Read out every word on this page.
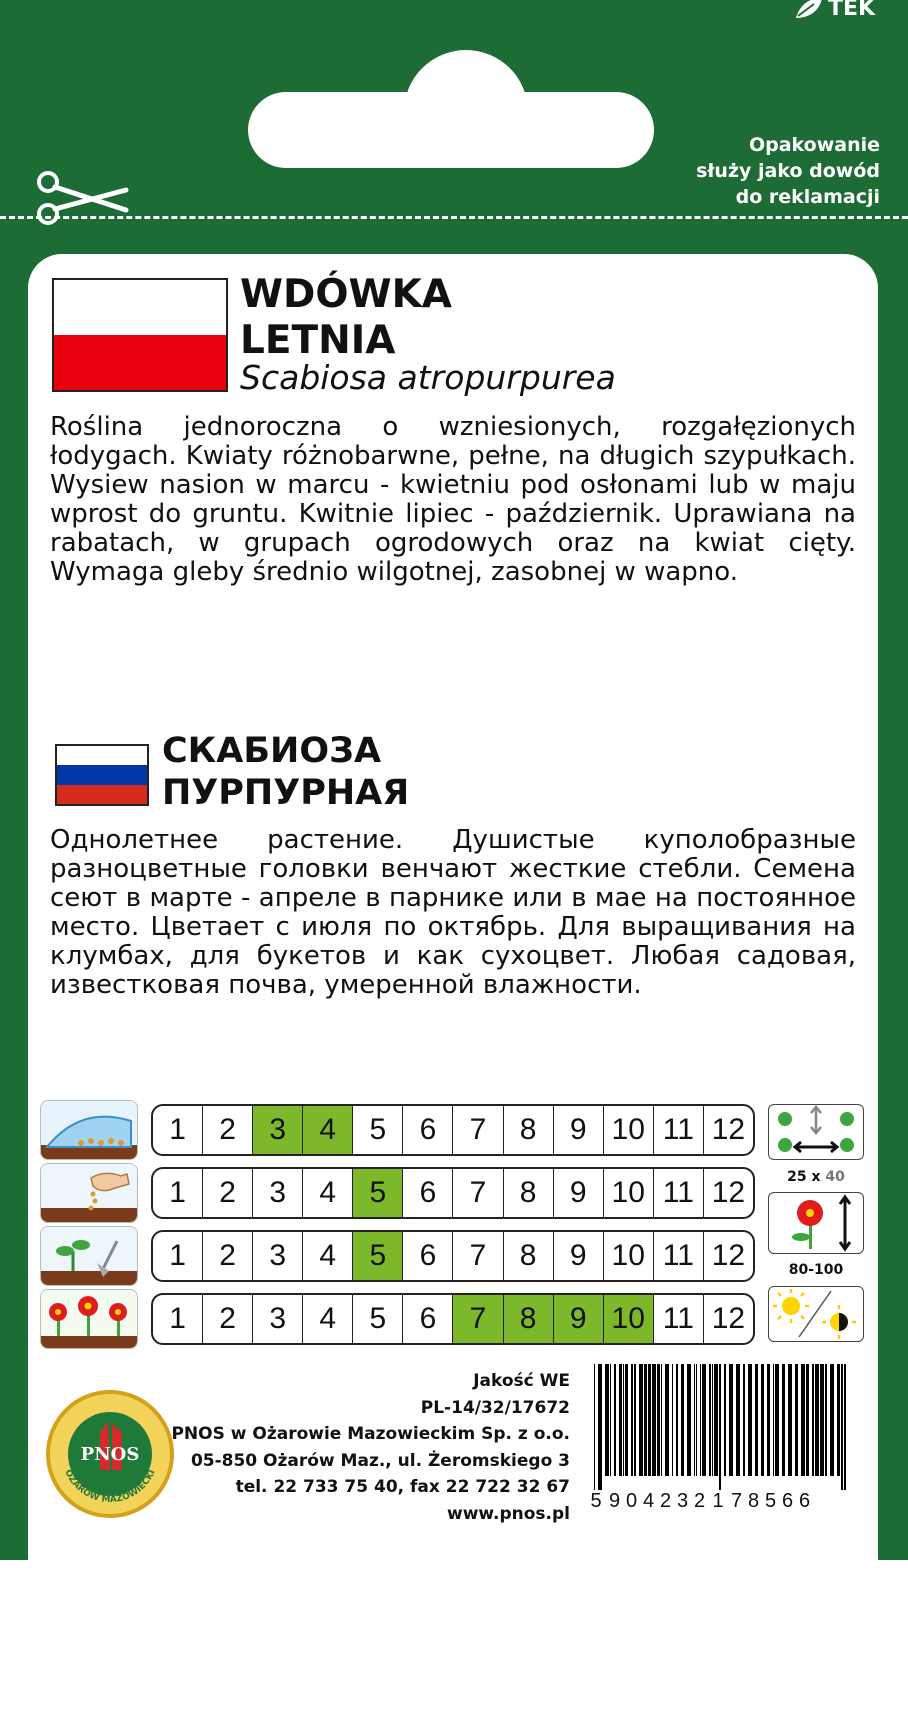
TEK
Opakowanie
służy jako dowód
do reklamacji
WDÓWKA
LETNIA
Scabiosa atropurpurea
Roślina jednoroczna o wzniesionych, rozgałęzionych łodygach. Kwiaty różnobarwne, pełne, na długich szypułkach. Wysiew nasion w marcu - kwietniu pod osłonami lub w maju wprost do gruntu. Kwitnie lipiec - październik. Uprawiana na rabatach, w grupach ogrodowych oraz na kwiat cięty. Wymaga gleby średnio wilgotnej, zasobnej w wapno.
СКАБИОЗА
ПУРПУРНАЯ
Однолетнее растение. Душистые куполобразные разноцветные головки венчают жесткие стебли. Семена сеют в марте - апреле в парнике или в мае на постоянное место. Цветает с июля по октябрь. Для выращивания на клумбах, для букетов и как сухоцвет. Любая садовая, известковая почва, умеренной влажности.
1	2	3	4	5	6	7	8	9 10 11 12
1	2	3	4	5	6	7	8	9 10 11 12
1	2	3	4	5	6	7	8	9 10 11 12
1	2	3	4	5	6	7	8	9 10 11 12
25 x 40
80-100
PNOS
OŻARÓW MAZOWIECKI
Jakość WE
PL-14/32/17672
PNOS w Ożarowie Mazowieckim Sp. z o.o.
05-850 Ożarów Maz., ul. Żeromskiego 3
tel. 22 733 75 40, fax 22 722 32 67
www.pnos.pl
5 9 0 4 2 3 2 1 7 8 5 6 6
